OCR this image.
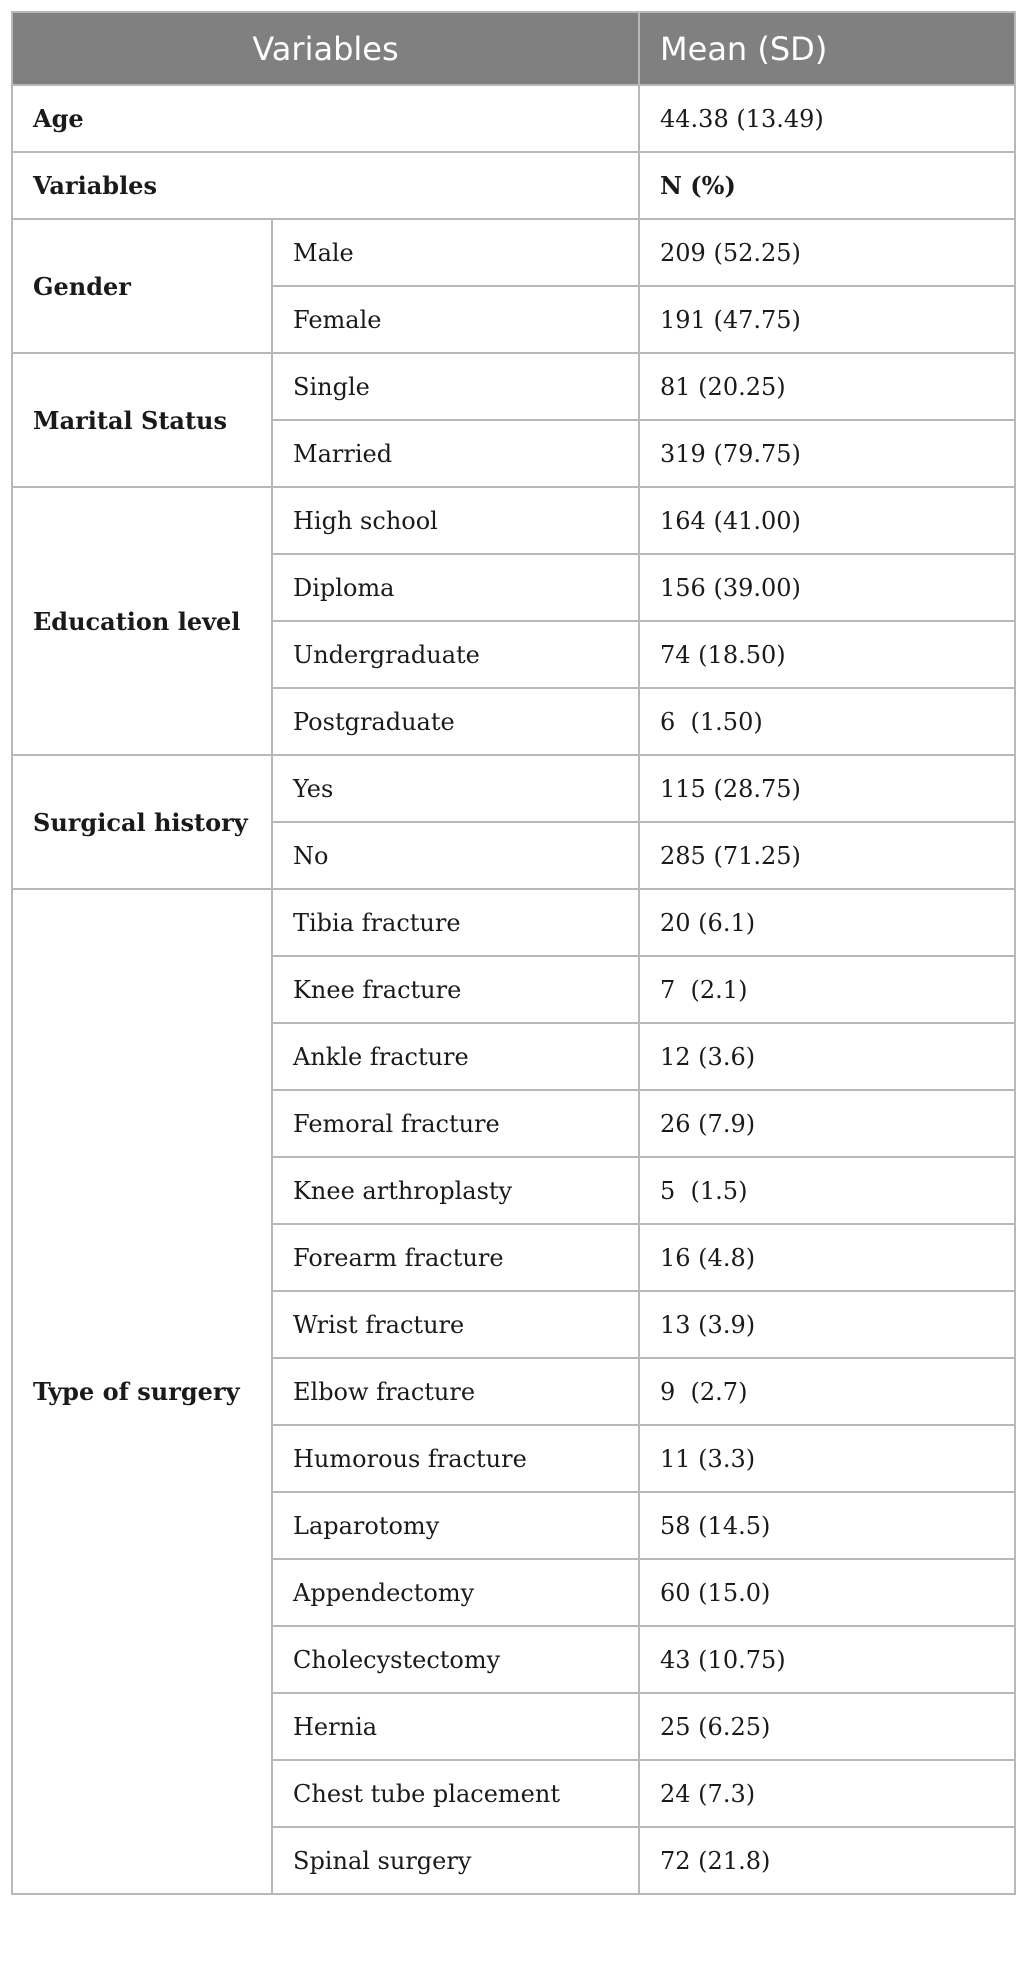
Variables		Mean (SD)
Age		44.38 (13.49)
Variables		N (%)
Gender	Male	209 (52.25)
	Female	191 (47.75)
Marital Status	Single	81 (20.25)
	Married	319 (79.75)
Education level	High school	164 (41.00)
	Diploma	156 (39.00)
	Undergraduate	74 (18.50)
	Postgraduate	6  (1.50)
Surgical history	Yes	115 (28.75)
	No	285 (71.25)
Type of surgery	Tibia fracture	20 (6.1)
	Knee fracture	7  (2.1)
	Ankle fracture	12 (3.6)
	Femoral fracture	26 (7.9)
	Knee arthroplasty	5  (1.5)
	Forearm fracture	16 (4.8)
	Wrist fracture	13 (3.9)
	Elbow fracture	9  (2.7)
	Humorous fracture	11 (3.3)
	Laparotomy	58 (14.5)
	Appendectomy	60 (15.0)
	Cholecystectomy	43 (10.75)
	Hernia	25 (6.25)
	Chest tube placement	24 (7.3)
	Spinal surgery	72 (21.8)
